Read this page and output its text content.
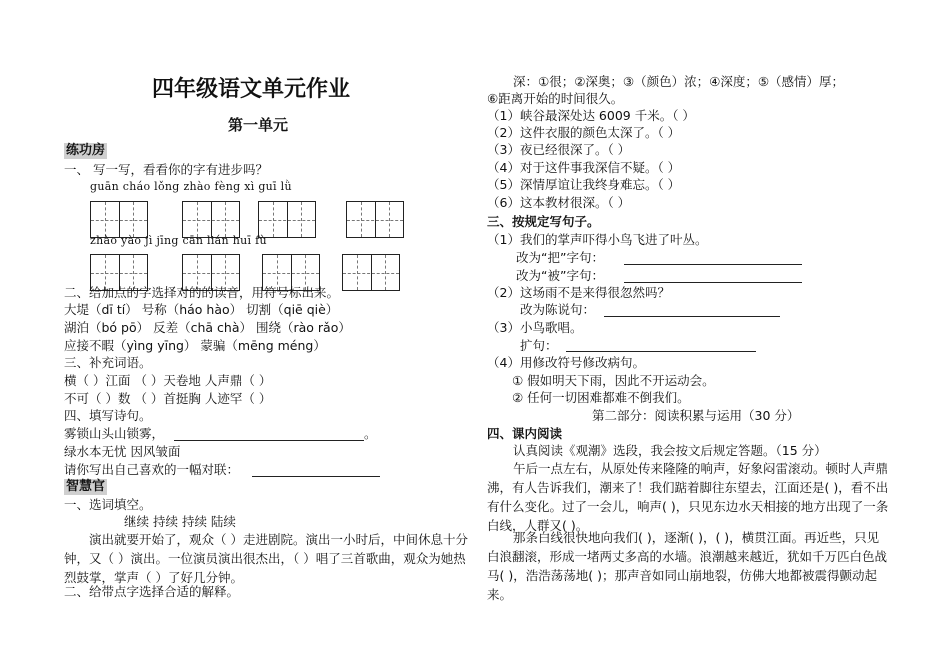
四年级语文单元作业
第一单元
练功房
一、 写一写，看看你的字有进步吗？
guān cháo lǒng zhào fèng xì guī lǜ
zhào yào jì jīng cān lián huī fù
二、给加点的字选择对的的读音，用符号标出来。
大堤（dī tí） 号称（háo hào） 切割（qiē qiè）
湖泊（bó pō） 反差（chā chà） 围绕（rào rǎo）
应接不暇（yìng yīng） 蒙骗（mēng méng）
三、补充词语。
横（ ）江面 （ ）天卷地 人声鼎（ ）
不可（ ）数 （ ）首挺胸 人迹罕（ ）
四、填写诗句。
雾锁山头山锁雾，	。
绿水本无忧 因风皱面
请你写出自己喜欢的一幅对联：
智慧官
一、选词填空。
继续 持续 持续 陆续
演出就要开始了，观众（ ）走进剧院。演出一小时后，中间休息十分钟，又（ ）演出。一位演员演出很杰出，（ ）唱了三首歌曲，观众为她热烈鼓掌，掌声（ ）了好几分钟。
二、给带点字选择合适的解释。
深：①很；②深奥；③（颜色）浓；④深度；⑤（感情）厚；
⑥距离开始的时间很久。
（1）峡谷最深处达 6009 千米。（ ）
（2）这件衣服的颜色太深了。（ ）
（3）夜已经很深了。（ ）
（4）对于这件事我深信不疑。（ ）
（5）深情厚谊让我终身难忘。（ ）
（6）这本教材很深。（ ）
三、按规定写句子。
（1）我们的掌声吓得小鸟飞进了叶丛。
改为“把”字句：
改为“被”字句：
（2）这场雨不是来得很忽然吗？
改为陈说句：
（3）小鸟歌唱。
扩句：
（4）用修改符号修改病句。
① 假如明天下雨，因此不开运动会。
② 任何一切困难都难不倒我们。
第二部分：阅读积累与运用（30 分）
四、课内阅读
认真阅读《观潮》选段，我会按文后规定答题。（15 分）
午后一点左右，从原处传来隆隆的响声，好象闷雷滚动。顿时人声鼎沸，有人告诉我们，潮来了！我们踮着脚往东望去，江面还是( )，看不出有什么变化。过了一会儿，响声( )，只见东边水天相接的地方出现了一条白线，人群又( )。
那条白线很快地向我们( )，逐渐( )，( )，横贯江面。再近些，只见白浪翻滚，形成一堵两丈多高的水墙。浪潮越来越近，犹如千万匹白色战马( )，浩浩荡荡地( )；那声音如同山崩地裂，仿佛大地都被震得颤动起来。
